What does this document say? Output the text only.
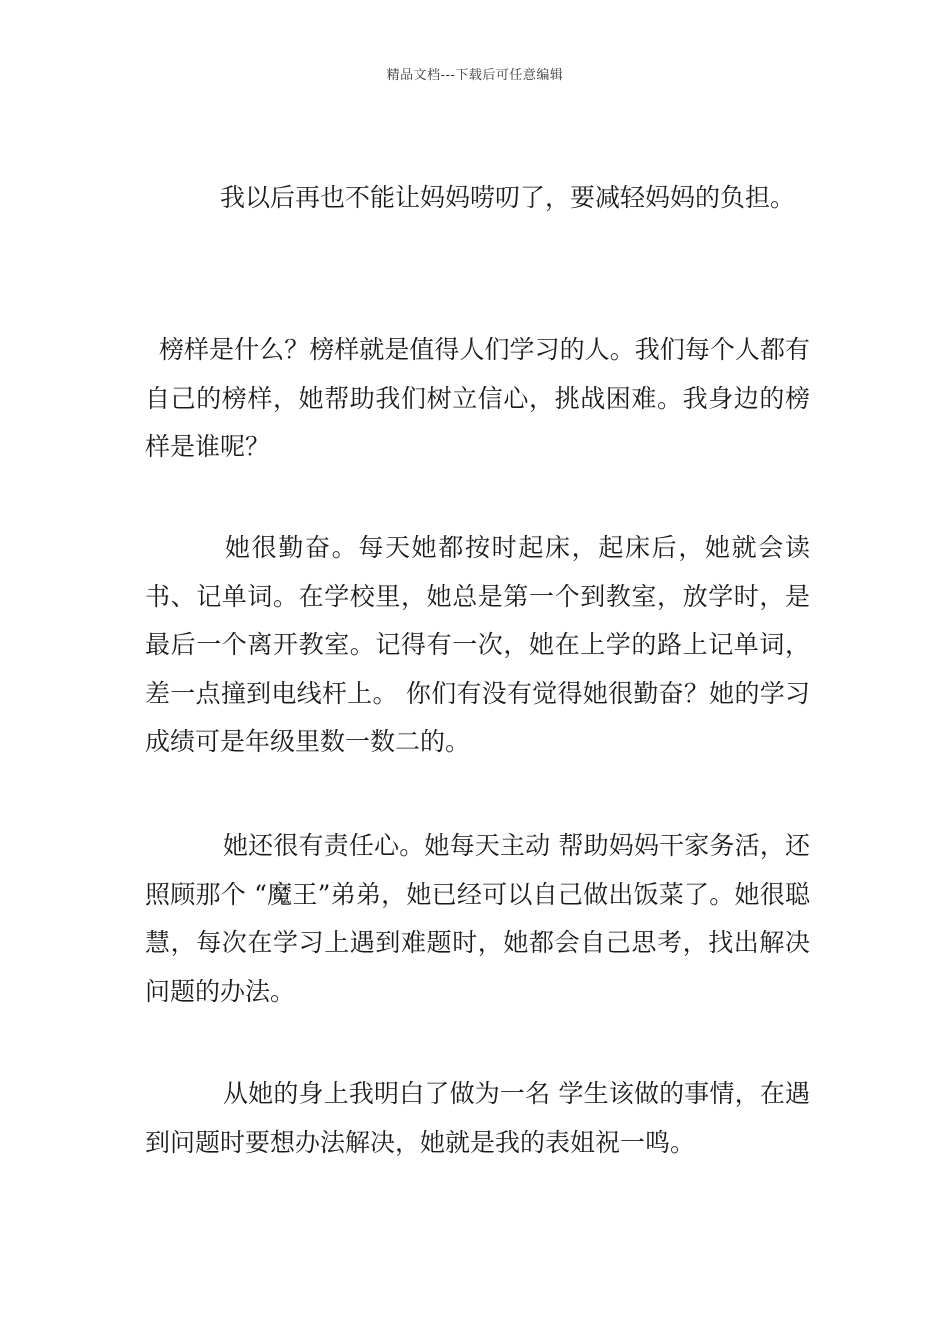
精品文档---下载后可任意编辑

我以后再也不能让妈妈唠叨了，要减轻妈妈的负担。

榜样是什么？榜样就是值得人们学习的人。我们每个人都有自己的榜样，她帮助我们树立信心，挑战困难。我身边的榜样是谁呢？

她很勤奋。每天她都按时起床，起床后，她就会读书、记单词。在学校里，她总是第一个到教室，放学时，是最后一个离开教室。记得有一次，她在上学的路上记单词，差一点撞到电线杆上。 你们有没有觉得她很勤奋？她的学习成绩可是年级里数一数二的。

她还很有责任心。她每天主动 帮助妈妈干家务活，还照顾那个 “魔王”弟弟，她已经可以自己做出饭菜了。她很聪慧，每次在学习上遇到难题时，她都会自己思考，找出解决问题的办法。

从她的身上我明白了做为一名 学生该做的事情，在遇到问题时要想办法解决，她就是我的表姐祝一鸣。
